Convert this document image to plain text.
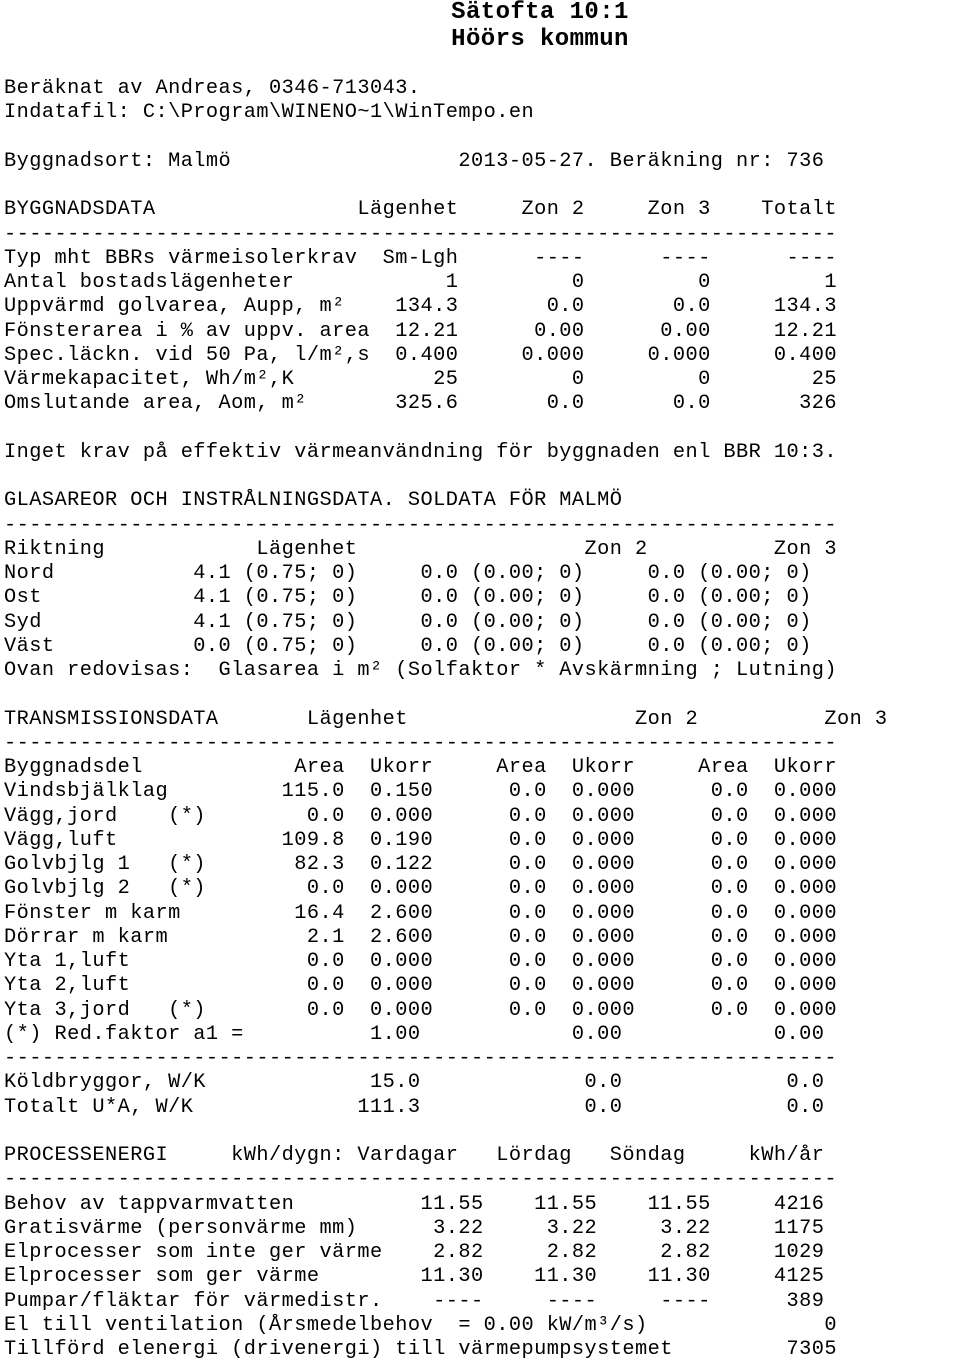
Sätofta 10:1
Höörs kommun
Beräknat av Andreas, 0346-713043.
Indatafil: C:\Program\WINENO~1\WinTempo.en
Byggnadsort: Malmö                  2013-05-27. Beräkning nr: 736
BYGGNADSDATA                Lägenhet     Zon 2     Zon 3    Totalt
------------------------------------------------------------------
Typ mht BBRs värmeisolerkrav  Sm-Lgh      ----      ----      ----
Antal bostadslägenheter            1         0         0         1
Uppvärmd golvarea, Aupp, m²    134.3       0.0       0.0     134.3
Fönsterarea i % av uppv. area  12.21      0.00      0.00     12.21
Spec.läckn. vid 50 Pa, l/m²,s  0.400     0.000     0.000     0.400
Värmekapacitet, Wh/m²,K           25         0         0        25
Omslutande area, Aom, m²       325.6       0.0       0.0       326
Inget krav på effektiv värmeanvändning för byggnaden enl BBR 10:3.
GLASAREOR OCH INSTRÅLNINGSDATA. SOLDATA FÖR MALMÖ
------------------------------------------------------------------
Riktning            Lägenhet                  Zon 2          Zon 3
Nord           4.1 (0.75; 0)     0.0 (0.00; 0)     0.0 (0.00; 0)
Ost            4.1 (0.75; 0)     0.0 (0.00; 0)     0.0 (0.00; 0)
Syd            4.1 (0.75; 0)     0.0 (0.00; 0)     0.0 (0.00; 0)
Väst           0.0 (0.75; 0)     0.0 (0.00; 0)     0.0 (0.00; 0)
Ovan redovisas:  Glasarea i m² (Solfaktor * Avskärmning ; Lutning)
TRANSMISSIONSDATA       Lägenhet                  Zon 2          Zon 3
------------------------------------------------------------------
Byggnadsdel            Area  Ukorr     Area  Ukorr     Area  Ukorr
Vindsbjälklag         115.0  0.150      0.0  0.000      0.0  0.000
Vägg,jord    (*)        0.0  0.000      0.0  0.000      0.0  0.000
Vägg,luft             109.8  0.190      0.0  0.000      0.0  0.000
Golvbjlg 1   (*)       82.3  0.122      0.0  0.000      0.0  0.000
Golvbjlg 2   (*)        0.0  0.000      0.0  0.000      0.0  0.000
Fönster m karm         16.4  2.600      0.0  0.000      0.0  0.000
Dörrar m karm           2.1  2.600      0.0  0.000      0.0  0.000
Yta 1,luft              0.0  0.000      0.0  0.000      0.0  0.000
Yta 2,luft              0.0  0.000      0.0  0.000      0.0  0.000
Yta 3,jord   (*)        0.0  0.000      0.0  0.000      0.0  0.000
(*) Red.faktor a1 =          1.00            0.00            0.00
------------------------------------------------------------------
Köldbryggor, W/K             15.0             0.0             0.0
Totalt U*A, W/K             111.3             0.0             0.0
PROCESSENERGI     kWh/dygn: Vardagar   Lördag   Söndag     kWh/år
------------------------------------------------------------------
Behov av tappvarmvatten          11.55    11.55    11.55     4216
Gratisvärme (personvärme mm)      3.22     3.22     3.22     1175
Elprocesser som inte ger värme    2.82     2.82     2.82     1029
Elprocesser som ger värme        11.30    11.30    11.30     4125
Pumpar/fläktar för värmedistr.    ----     ----     ----      389
El till ventilation (Årsmedelbehov  = 0.00 kW/m³/s)              0
Tillförd elenergi (drivenergi) till värmepumpsystemet         7305
